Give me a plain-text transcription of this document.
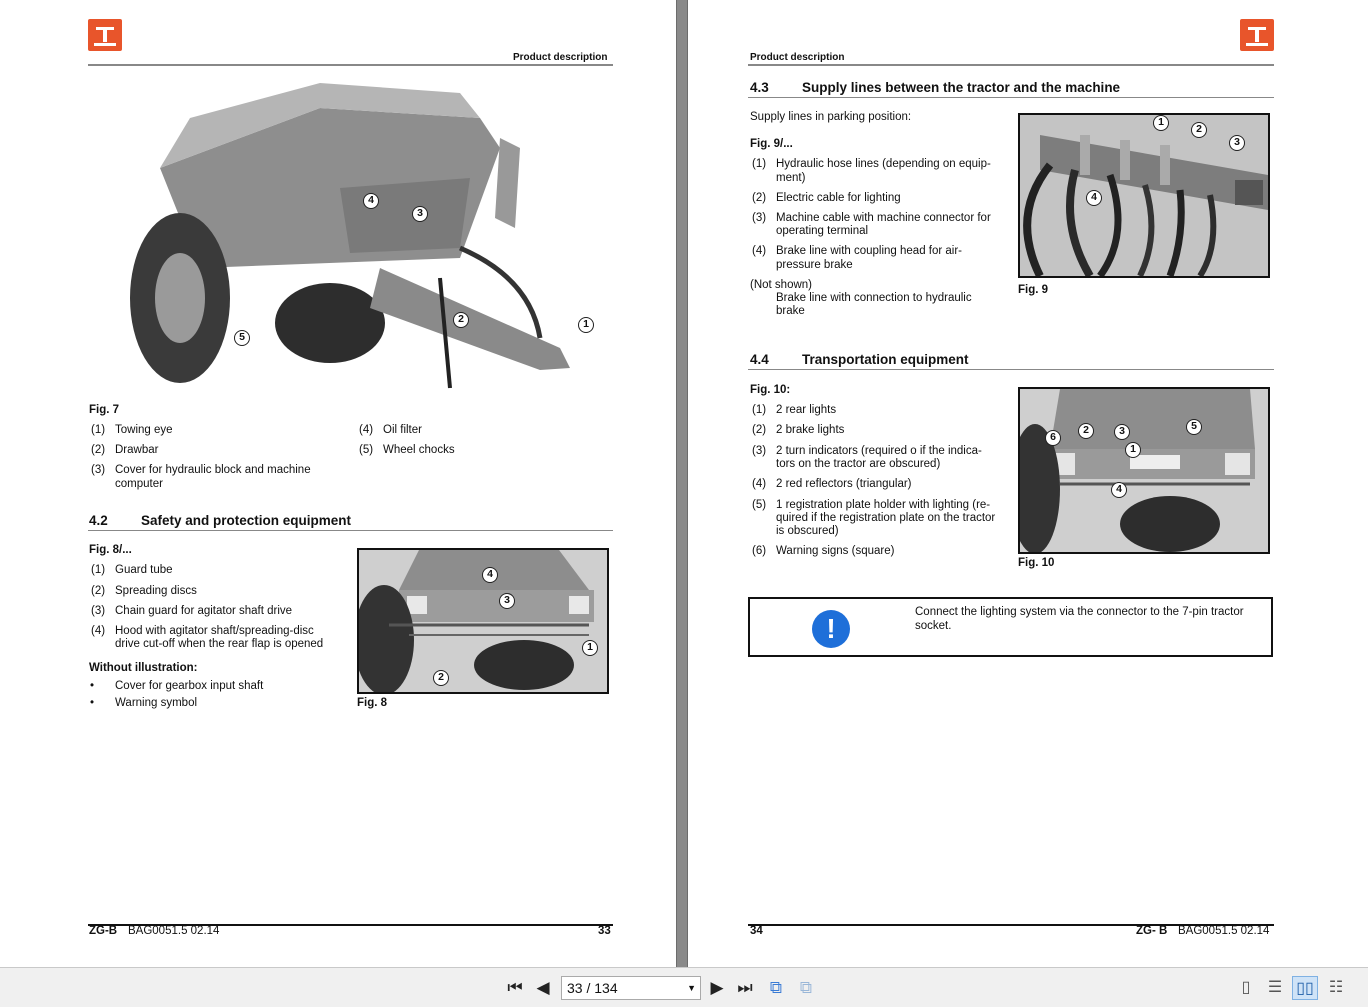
Product description
1
2
3
4
5
Fig. 7
(1) Towing eye
(2) Drawbar
(3) Cover for hydraulic block and machine
computer
(4) Oil filter
(5) Wheel chocks
4.2 Safety and protection equipment
Fig. 8/...
(1) Guard tube
(2) Spreading discs
(3) Chain guard for agitator shaft drive
(4) Hood with agitator shaft/spreading-disc
drive cut-off when the rear flap is opened
Without illustration:
• Cover for gearbox input shaft
• Warning symbol
1
2
3
4
Fig. 8
ZG-B BAG0051.5 02.14	33
Product description
4.3 Supply lines between the tractor and the machine
Supply lines in parking position:
Fig. 9/...
(1) Hydraulic hose lines (depending on equip-
ment)
(2) Electric cable for lighting
(3) Machine cable with machine connector for
operating terminal
(4) Brake line with coupling head for air-
pressure brake
(Not shown)
Brake line with connection to hydraulic
brake
1
2
3
4
Fig. 9
4.4 Transportation equipment
Fig. 10:
(1) 2 rear lights
(2) 2 brake lights
(3) 2 turn indicators (required o if the indica-
tors on the tractor are obscured)
(4) 2 red reflectors (triangular)
(5) 1 registration plate holder with lighting (re-
quired if the registration plate on the tractor
is obscured)
(6) Warning signs (square)
1
2	3
4
5
6
Fig. 10
!
Connect the lighting system via the connector to the 7-pin tractor
socket.
34	ZG- B BAG0051.5 02.14
⏮ ◀	33 / 134	▼ ▶ ⏭	⧉	⧉	▯	☰ ▯▯ ☷
